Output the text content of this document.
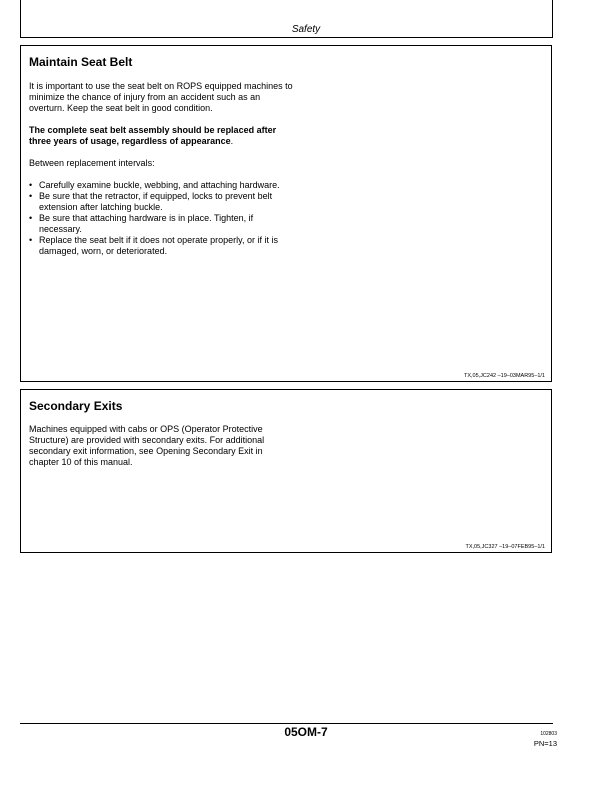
Safety
Maintain Seat Belt

It is important to use the seat belt on ROPS equipped machines to minimize the chance of injury from an accident such as an overturn. Keep the seat belt in good condition.

The complete seat belt assembly should be replaced after three years of usage, regardless of appearance.

Between replacement intervals:

• Carefully examine buckle, webbing, and attaching hardware.
• Be sure that the retractor, if equipped, locks to prevent belt extension after latching buckle.
• Be sure that attaching hardware is in place. Tighten, if necessary.
• Replace the seat belt if it does not operate properly, or if it is damaged, worn, or deteriorated.
TX,05,JC242 –19–03MAR95–1/1
Secondary Exits

Machines equipped with cabs or OPS (Operator Protective Structure) are provided with secondary exits. For additional secondary exit information, see Opening Secondary Exit in chapter 10 of this manual.

TX,05,JC327 –19–07FEB95–1/1
05OM-7	102803
PN=13
